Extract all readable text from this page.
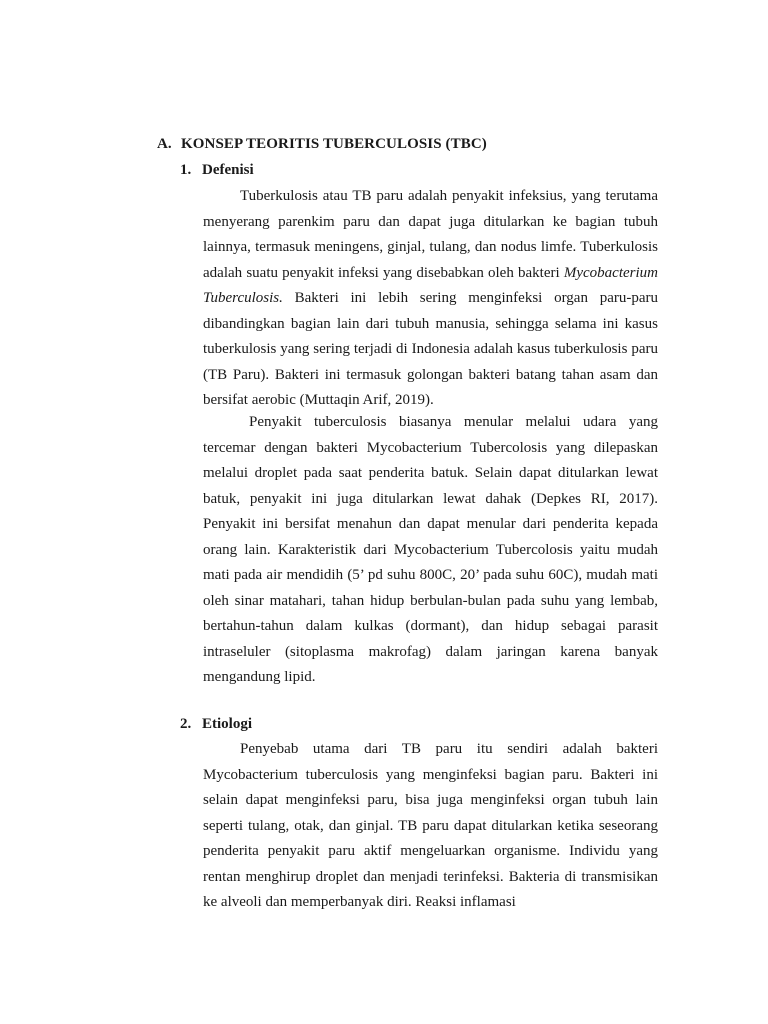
A. KONSEP TEORITIS TUBERCULOSIS (TBC)
1. Defenisi

Tuberkulosis atau TB paru adalah penyakit infeksius, yang terutama menyerang parenkim paru dan dapat juga ditularkan ke bagian tubuh lainnya, termasuk meningens, ginjal, tulang, dan nodus limfe. Tuberkulosis adalah suatu penyakit infeksi yang disebabkan oleh bakteri Mycobacterium Tuberculosis. Bakteri ini lebih sering menginfeksi organ paru-paru dibandingkan bagian lain dari tubuh manusia, sehingga selama ini kasus tuberkulosis yang sering terjadi di Indonesia adalah kasus tuberkulosis paru (TB Paru). Bakteri ini termasuk golongan bakteri batang tahan asam dan bersifat aerobic (Muttaqin Arif, 2019).

Penyakit tuberculosis biasanya menular melalui udara yang tercemar dengan bakteri Mycobacterium Tubercolosis yang dilepaskan melalui droplet pada saat penderita batuk. Selain dapat ditularkan lewat batuk, penyakit ini juga ditularkan lewat dahak (Depkes RI, 2017). Penyakit ini bersifat menahun dan dapat menular dari penderita kepada orang lain. Karakteristik dari Mycobacterium Tubercolosis yaitu mudah mati pada air mendidih (5’ pd suhu 800C, 20’ pada suhu 60C), mudah mati oleh sinar matahari, tahan hidup berbulan-bulan pada suhu yang lembab, bertahun-tahun dalam kulkas (dormant), dan hidup sebagai parasit intraseluler (sitoplasma makrofag) dalam jaringan karena banyak mengandung lipid.

2. Etiologi

Penyebab utama dari TB paru itu sendiri adalah bakteri Mycobacterium tuberculosis yang menginfeksi bagian paru. Bakteri ini selain dapat menginfeksi paru, bisa juga menginfeksi organ tubuh lain seperti tulang, otak, dan ginjal. TB paru dapat ditularkan ketika seseorang penderita penyakit paru aktif mengeluarkan organisme. Individu yang rentan menghirup droplet dan menjadi terinfeksi. Bakteria di transmisikan ke alveoli dan memperbanyak diri. Reaksi inflamasi
